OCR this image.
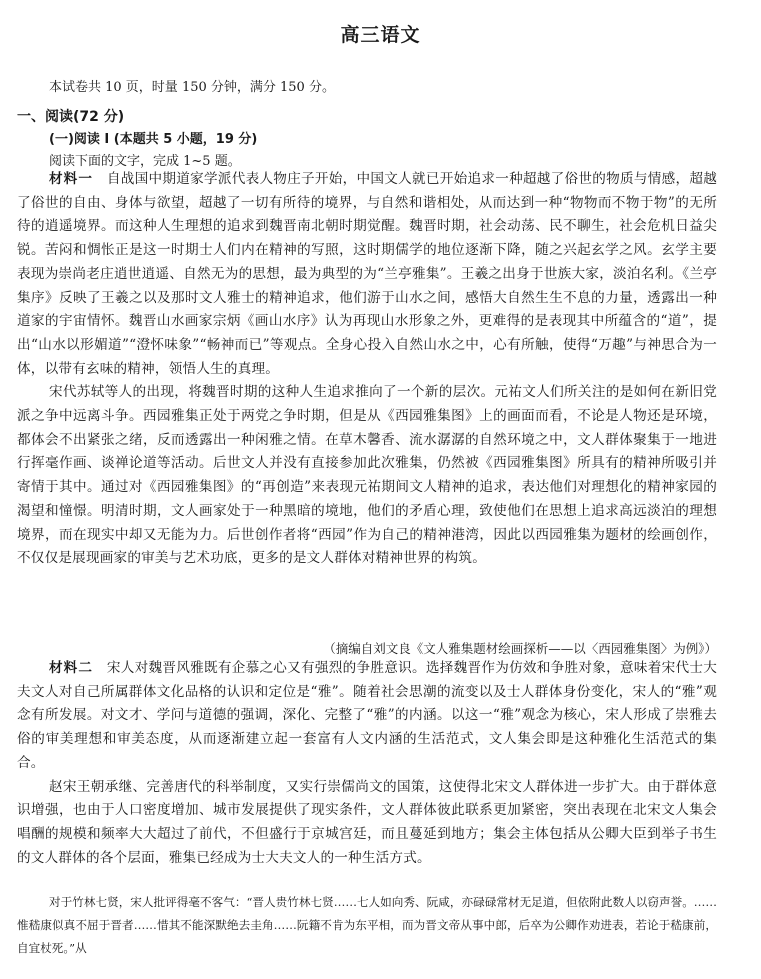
高三语文
本试卷共 10 页，时量 150 分钟，满分 150 分。
一、阅读(72 分)
(一)阅读 I (本题共 5 小题，19 分)
阅读下面的文字，完成 1~5 题。

材料一　 自战国中期道家学派代表人物庄子开始，中国文人就已开始追求一种超越了俗世的物质与情感，超越了俗世的自由、身体与欲望，超越了一切有所待的境界，与自然和谐相处，从而达到一种“物物而不物于物”的无所待的逍遥境界。而这种人生理想的追求到魏晋南北朝时期觉醒。魏晋时期，社会动荡、民不聊生，社会危机日益尖锐。苦闷和惆怅正是这一时期士人们内在精神的写照，这时期儒学的地位逐渐下降，随之兴起玄学之风。玄学主要表现为崇尚老庄逍世逍遥、自然无为的思想，最为典型的为“兰亭雅集”。王羲之出身于世族大家，淡泊名利。《兰亭集序》反映了王羲之以及那时文人雅士的精神追求，他们游于山水之间，感悟大自然生生不息的力量，透露出一种道家的宇宙情怀。魏晋山水画家宗炳《画山水序》认为再现山水形象之外，更难得的是表现其中所蕴含的“道”，提出“山水以形媚道”“澄怀味象”“畅神而已”等观点。全身心投入自然山水之中，心有所触，使得“万趣”与神思合为一体，以带有玄味的精神，领悟人生的真理。

宋代苏轼等人的出现，将魏晋时期的这种人生追求推向了一个新的层次。元祐文人们所关注的是如何在新旧党派之争中远离斗争。西园雅集正处于两党之争时期，但是从《西园雅集图》上的画面而看，不论是人物还是环境，都体会不出紧张之绪，反而透露出一种闲雅之情。在草木馨香、流水潺潺的自然环境之中，文人群体聚集于一地进行挥毫作画、谈禅论道等活动。后世文人并没有直接参加此次雅集，仍然被《西园雅集图》所具有的精神所吸引并寄情于其中。通过对《西园雅集图》的“再创造”来表现元祐期间文人精神的追求，表达他们对理想化的精神家园的渴望和憧憬。明清时期，文人画家处于一种黑暗的境地，他们的矛盾心理，致使他们在思想上追求高远淡泊的理想境界，而在现实中却又无能为力。后世创作者将“西园”作为自己的精神港湾，因此以西园雅集为题材的绘画创作，不仅仅是展现画家的审美与艺术功底，更多的是文人群体对精神世界的构筑。

（摘编自刘文良《文人雅集题材绘画探析——以〈西园雅集图〉为例》）

材料二　 宋人对魏晋风雅既有企慕之心又有强烈的争胜意识。选择魏晋作为仿效和争胜对象，意味着宋代士大夫文人对自己所属群体文化品格的认识和定位是“雅”。随着社会思潮的流变以及士人群体身份变化，宋人的“雅”观念有所发展。对文才、学问与道德的强调，深化、完整了“雅”的内涵。以这一“雅”观念为核心，宋人形成了崇雅去俗的审美理想和审美态度，从而逐渐建立起一套富有人文内涵的生活范式，文人集会即是这种雅化生活范式的集合。

赵宋王朝承继、完善唐代的科举制度，又实行崇儒尚文的国策，这使得北宋文人群体进一步扩大。由于群体意识增强，也由于人口密度增加、城市发展提供了现实条件，文人群体彼此联系更加紧密，突出表现在北宋文人集会唱酬的规模和频率大大超过了前代，不但盛行于京城宫廷，而且蔓延到地方；集会主体包括从公卿大臣到举子书生的文人群体的各个层面，雅集已经成为士大夫文人的一种生活方式。

对于竹林七贤，宋人批评得毫不客气：“晋人贵竹林七贤……七人如向秀、阮咸，亦碌碌常材无足道，但依附此数人以窃声誉。……惟嵇康似真不屈于晋者……惜其不能深默绝去圭角……阮籍不肯为东平相，而为晋文帝从事中郎，后卒为公卿作劝进表，若论于嵇康前，自宜杖死。”从
